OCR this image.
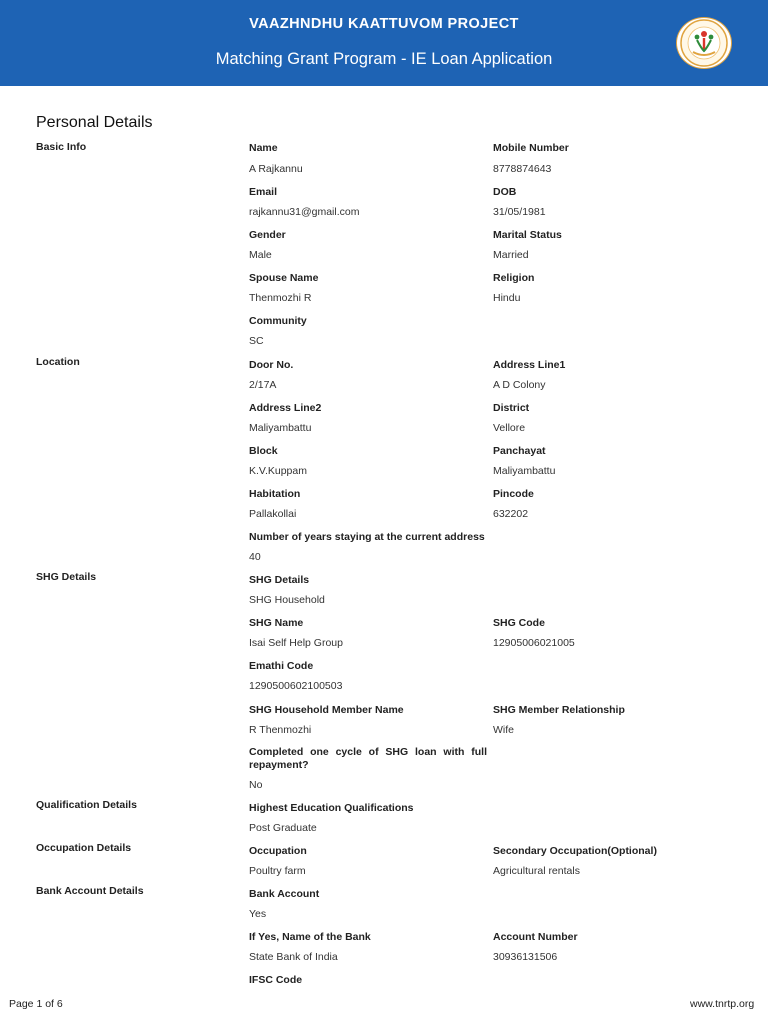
VAAZHNDHU KAATTUVOM PROJECT
Matching Grant Program - IE Loan Application
Personal Details
Basic Info
Location
SHG Details
Qualification Details
Occupation Details
Bank Account Details
Name
A Rajkannu
Mobile Number
8778874643
Email
rajkannu31@gmail.com
DOB
31/05/1981
Gender
Male
Marital Status
Married
Spouse Name
Thenmozhi R
Religion
Hindu
Community
SC
Door No.
2/17A
Address Line1
A D Colony
Address Line2
Maliyambattu
District
Vellore
Block
K.V.Kuppam
Panchayat
Maliyambattu
Habitation
Pallakollai
Pincode
632202
Number of years staying at the current address
40
SHG Details
SHG Household
SHG Name
Isai Self Help Group
SHG Code
12905006021005
Emathi Code
1290500602100503
SHG Household Member Name
R Thenmozhi
SHG Member Relationship
Wife
Completed one cycle of SHG loan with full repayment?
No
Highest Education Qualifications
Post Graduate
Occupation
Poultry farm
Secondary Occupation(Optional)
Agricultural rentals
Bank Account
Yes
If Yes, Name of the Bank
State Bank of India
Account Number
30936131506
IFSC Code
Page 1 of 6	www.tnrtp.org
